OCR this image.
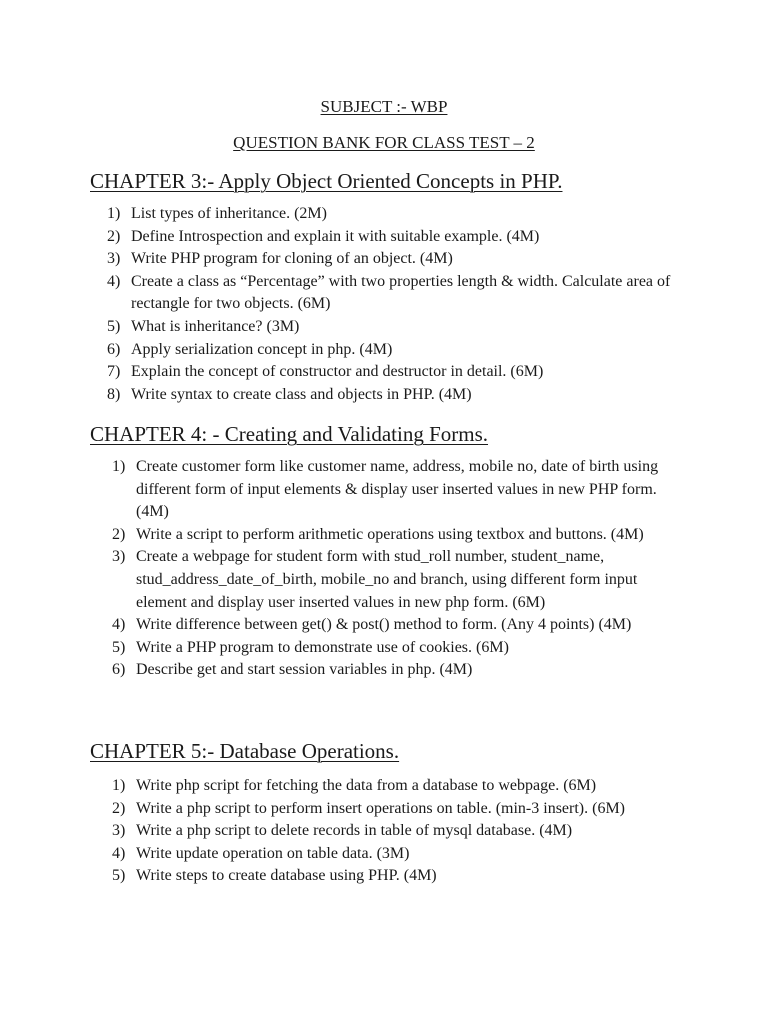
SUBJECT :- WBP
QUESTION BANK FOR CLASS TEST – 2
CHAPTER 3:- Apply Object Oriented Concepts in PHP.
1) List types of inheritance. (2M)
2) Define Introspection and explain it with suitable example. (4M)
3) Write PHP program for cloning of an object. (4M)
4) Create a class as “Percentage” with two properties length & width. Calculate area of rectangle for two objects. (6M)
5) What is inheritance? (3M)
6) Apply serialization concept in php. (4M)
7) Explain the concept of constructor and destructor in detail. (6M)
8) Write syntax to create class and objects in PHP. (4M)
CHAPTER 4: - Creating and Validating Forms.
1) Create customer form like customer name, address, mobile no, date of birth using different form of input elements & display user inserted values in new PHP form. (4M)
2) Write a script to perform arithmetic operations using textbox and buttons. (4M)
3) Create a webpage for student form with stud_roll number, student_name, stud_address_date_of_birth, mobile_no and branch, using different form input element and display user inserted values in new php form. (6M)
4) Write difference between get() & post() method to form. (Any 4 points) (4M)
5) Write a PHP program to demonstrate use of cookies. (6M)
6) Describe get and start session variables in php. (4M)
CHAPTER 5:- Database Operations.
1) Write php script for fetching the data from a database to webpage. (6M)
2) Write a php script to perform insert operations on table. (min-3 insert). (6M)
3) Write a php script to delete records in table of mysql database. (4M)
4) Write update operation on table data. (3M)
5) Write steps to create database using PHP. (4M)
